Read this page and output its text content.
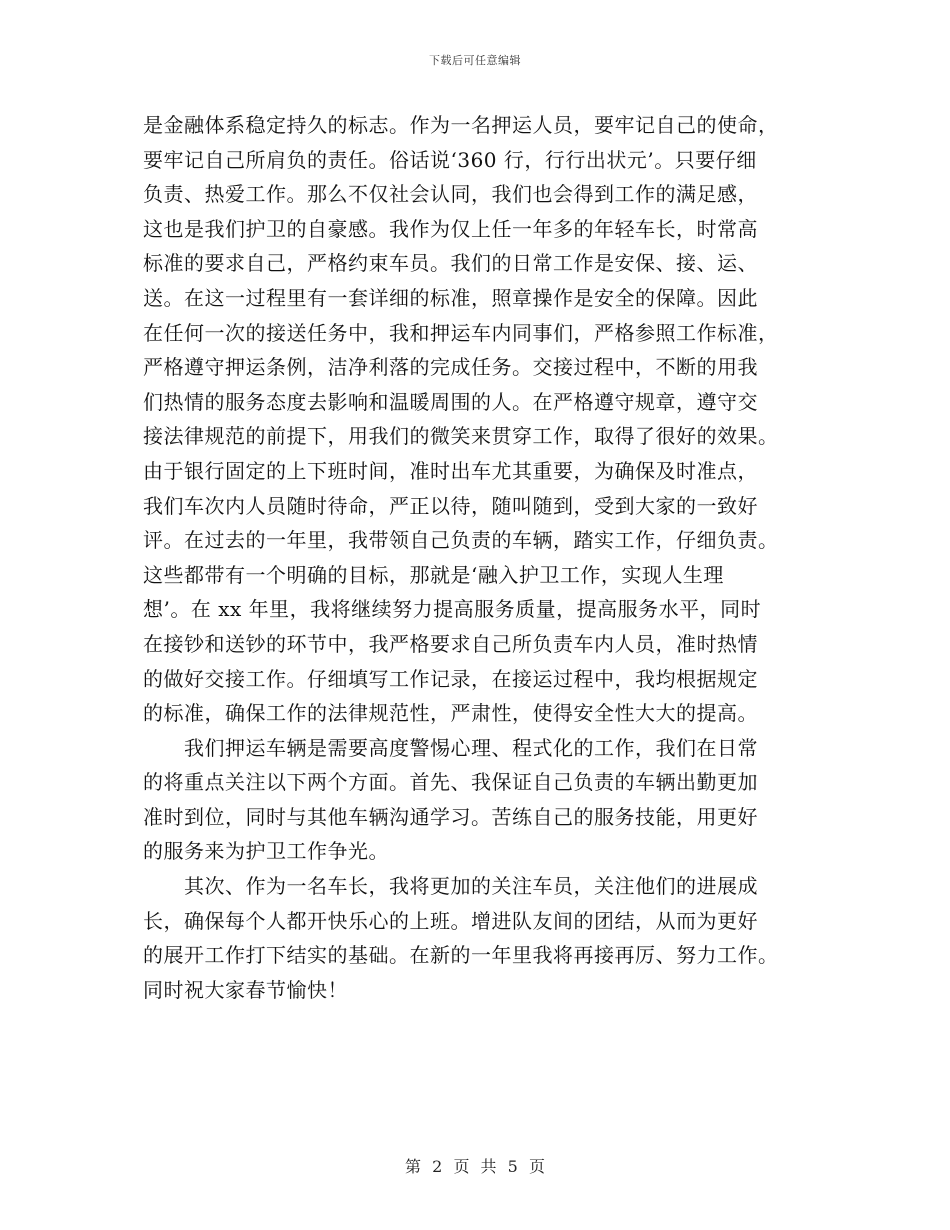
下载后可任意编辑
是金融体系稳定持久的标志。作为一名押运人员，要牢记自己的使命，
要牢记自己所肩负的责任。俗话说‘360 行，行行出状元’。只要仔细
负责、热爱工作。那么不仅社会认同，我们也会得到工作的满足感，
这也是我们护卫的自豪感。我作为仅上任一年多的年轻车长，时常高
标准的要求自己，严格约束车员。我们的日常工作是安保、接、运、
送。在这一过程里有一套详细的标准，照章操作是安全的保障。因此
在任何一次的接送任务中，我和押运车内同事们，严格参照工作标准，
严格遵守押运条例，洁净利落的完成任务。交接过程中，不断的用我
们热情的服务态度去影响和温暖周围的人。在严格遵守规章，遵守交
接法律规范的前提下，用我们的微笑来贯穿工作，取得了很好的效果。
由于银行固定的上下班时间，准时出车尤其重要，为确保及时准点，
我们车次内人员随时待命，严正以待，随叫随到，受到大家的一致好
评。在过去的一年里，我带领自己负责的车辆，踏实工作，仔细负责。
这些都带有一个明确的目标，那就是‘融入护卫工作，实现人生理
想’。在 xx 年里，我将继续努力提高服务质量，提高服务水平，同时
在接钞和送钞的环节中，我严格要求自己所负责车内人员，准时热情
的做好交接工作。仔细填写工作记录，在接运过程中，我均根据规定
的标准，确保工作的法律规范性，严肃性，使得安全性大大的提高。
　　我们押运车辆是需要高度警惕心理、程式化的工作，我们在日常
的将重点关注以下两个方面。首先、我保证自己负责的车辆出勤更加
准时到位，同时与其他车辆沟通学习。苦练自己的服务技能，用更好
的服务来为护卫工作争光。
　　其次、作为一名车长，我将更加的关注车员，关注他们的进展成
长，确保每个人都开快乐心的上班。增进队友间的团结，从而为更好
的展开工作打下结实的基础。在新的一年里我将再接再厉、努力工作。
同时祝大家春节愉快！
第 2 页 共 5 页
